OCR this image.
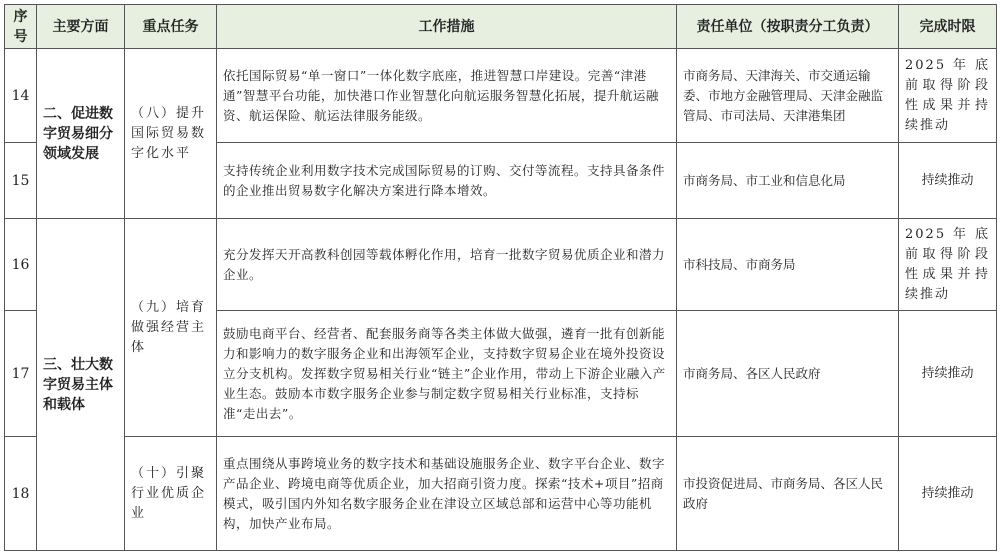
序号	主要方面	重点任务	工作措施	责任单位（按职责分工负责）	完成时限
14	二、促进数字贸易细分领域发展	（八）提升国际贸易数字化水平	依托国际贸易“单一窗口”一体化数字底座，推进智慧口岸建设。完善“津港通”智慧平台功能，加快港口作业智慧化向航运服务智慧化拓展，提升航运融资、航运保险、航运法律服务能级。	市商务局、天津海关、市交通运输委、市地方金融管理局、天津金融监管局、市司法局、天津港集团	2025年底前取得阶段性成果并持续推动
15			支持传统企业利用数字技术完成国际贸易的订购、交付等流程。支持具备条件的企业推出贸易数字化解决方案进行降本增效。	市商务局、市工业和信息化局	持续推动
16	三、壮大数字贸易主体和载体	（九）培育做强经营主体	充分发挥天开高教科创园等载体孵化作用，培育一批数字贸易优质企业和潜力企业。	市科技局、市商务局	2025年底前取得阶段性成果并持续推动
17			鼓励电商平台、经营者、配套服务商等各类主体做大做强，遴育一批有创新能力和影响力的数字服务企业和出海领军企业，支持数字贸易企业在境外投资设立分支机构。发挥数字贸易相关行业“链主”企业作用，带动上下游企业融入产业生态。鼓励本市数字服务企业参与制定数字贸易相关行业标准，支持标准“走出去”。	市商务局、各区人民政府	持续推动
18		（十）引聚行业优质企业	重点围绕从事跨境业务的数字技术和基础设施服务企业、数字平台企业、数字产品企业、跨境电商等优质企业，加大招商引资力度。探索“技术+项目”招商模式，吸引国内外知名数字服务企业在津设立区域总部和运营中心等功能机构，加快产业布局。	市投资促进局、市商务局、各区人民政府	持续推动
